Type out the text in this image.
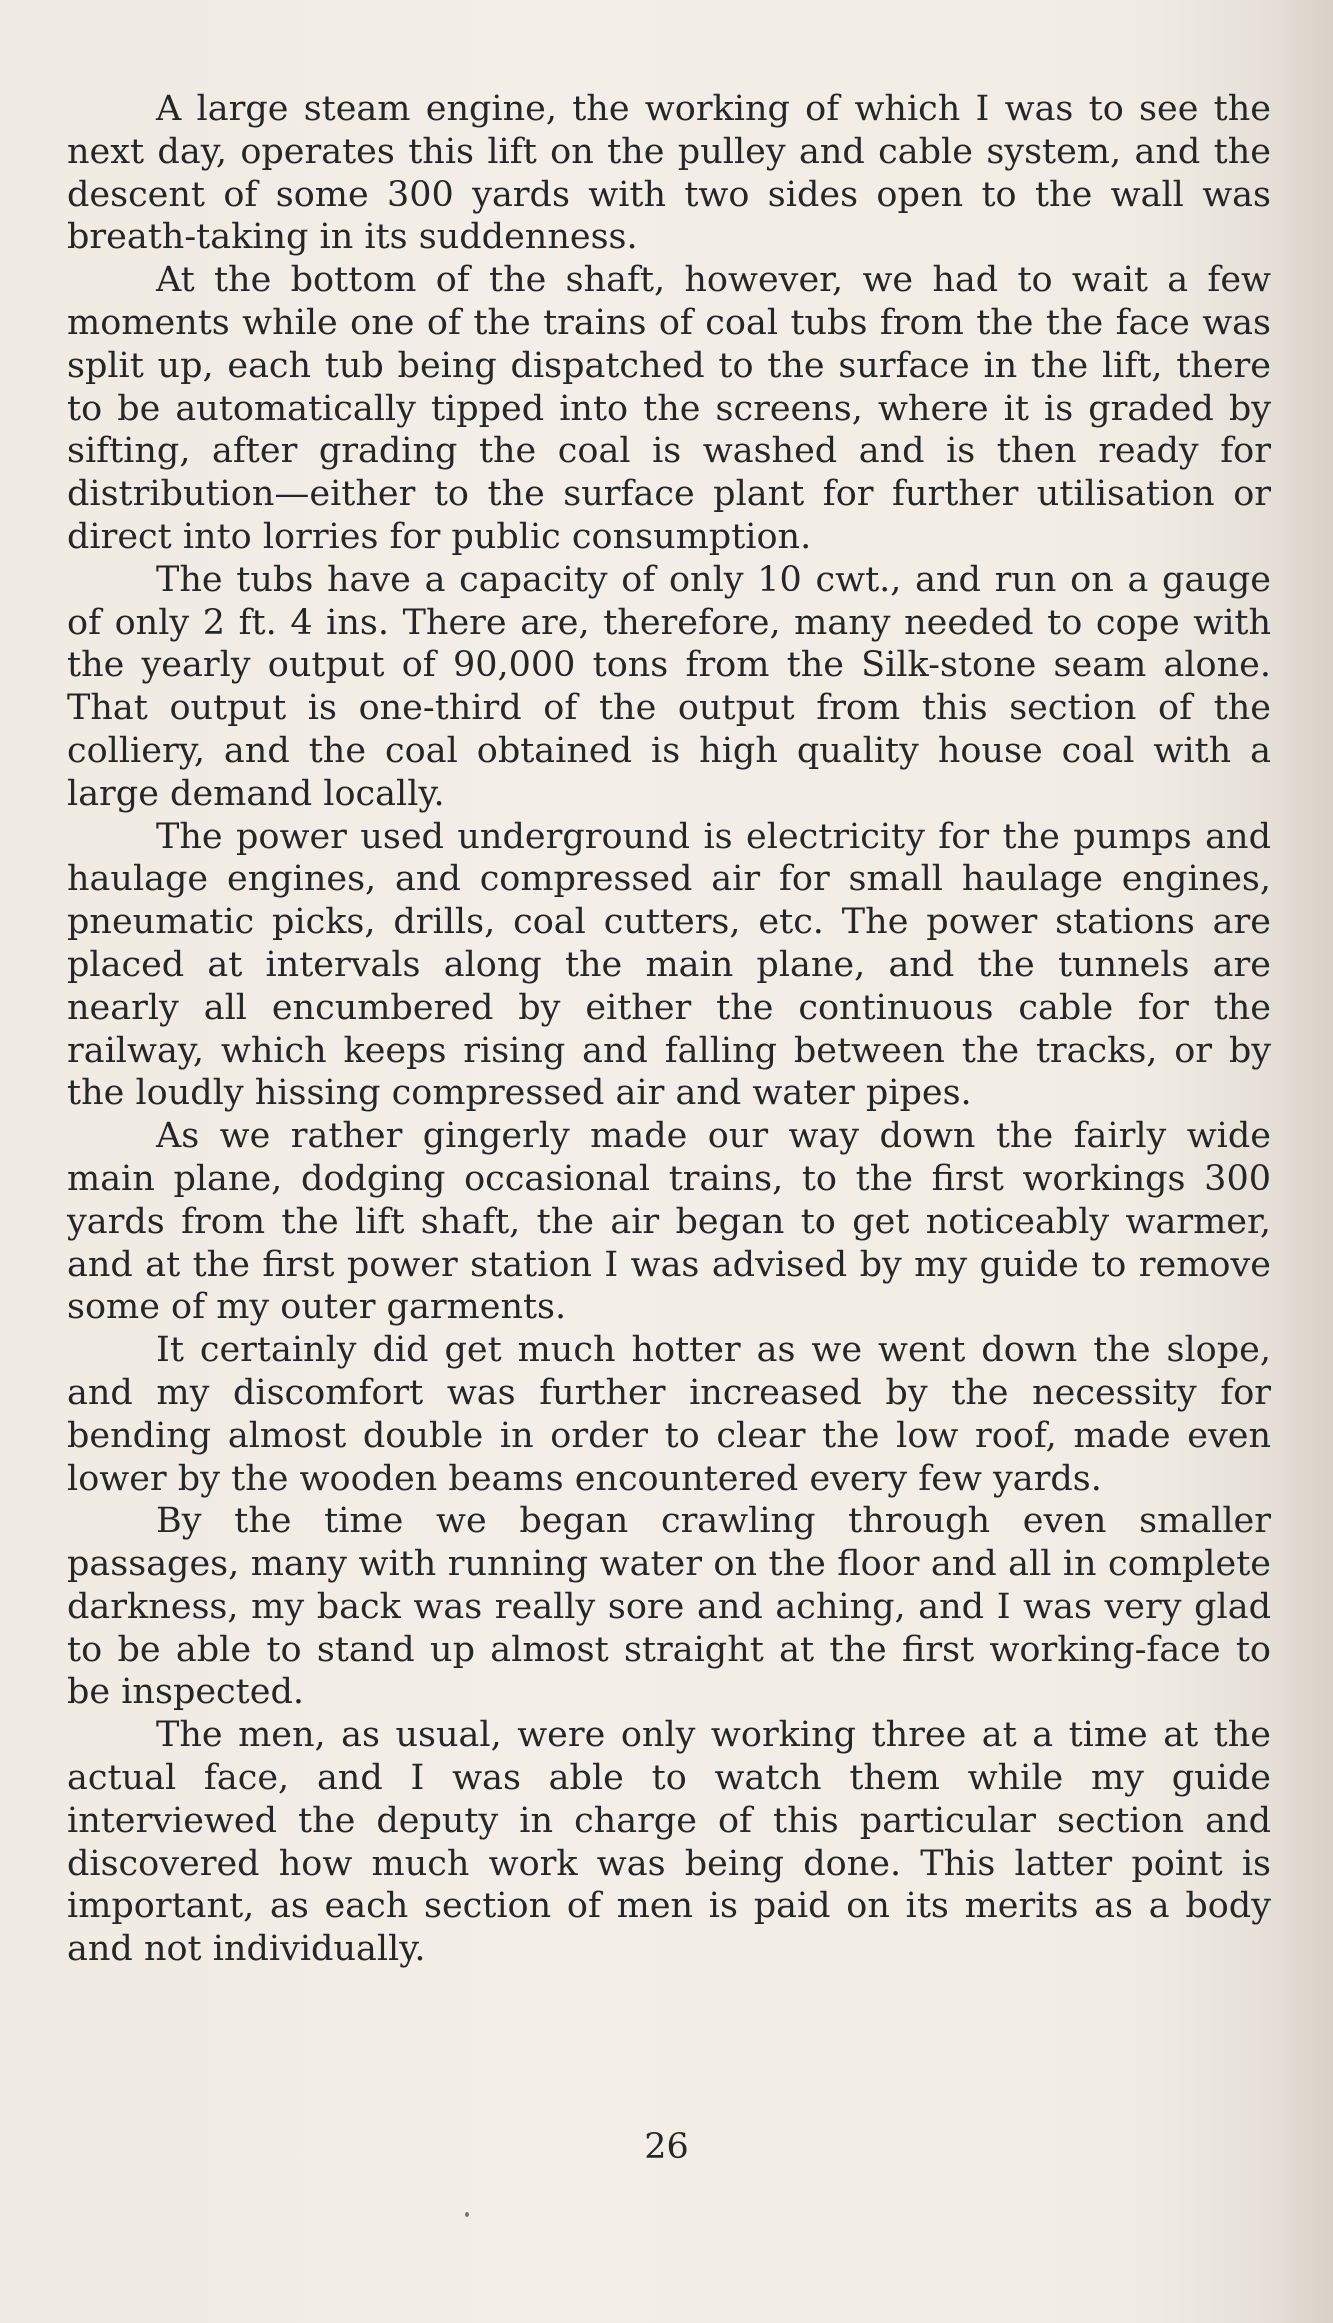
A large steam engine, the working of which I was to see the next day, operates this lift on the pulley and cable system, and the descent of some 300 yards with two sides open to the wall was breath-taking in its suddenness.

At the bottom of the shaft, however, we had to wait a few moments while one of the trains of coal tubs from the the face was split up, each tub being dispatched to the surface in the lift, there to be automatically tipped into the screens, where it is graded by sifting, after grading the coal is washed and is then ready for distribution—either to the surface plant for further utilisation or direct into lorries for public consumption.

The tubs have a capacity of only 10 cwt., and run on a gauge of only 2 ft. 4 ins. There are, therefore, many needed to cope with the yearly output of 90,000 tons from the Silk-stone seam alone. That output is one-third of the output from this section of the colliery, and the coal obtained is high quality house coal with a large demand locally.

The power used underground is electricity for the pumps and haulage engines, and compressed air for small haulage engines, pneumatic picks, drills, coal cutters, etc. The power stations are placed at intervals along the main plane, and the tunnels are nearly all encumbered by either the continuous cable for the railway, which keeps rising and falling between the tracks, or by the loudly hissing compressed air and water pipes.

As we rather gingerly made our way down the fairly wide main plane, dodging occasional trains, to the first workings 300 yards from the lift shaft, the air began to get noticeably warmer, and at the first power station I was advised by my guide to remove some of my outer garments.

It certainly did get much hotter as we went down the slope, and my discomfort was further increased by the necessity for bending almost double in order to clear the low roof, made even lower by the wooden beams encountered every few yards.

By the time we began crawling through even smaller passages, many with running water on the floor and all in complete darkness, my back was really sore and aching, and I was very glad to be able to stand up almost straight at the first working-face to be inspected.

The men, as usual, were only working three at a time at the actual face, and I was able to watch them while my guide interviewed the deputy in charge of this particular section and discovered how much work was being done. This latter point is important, as each section of men is paid on its merits as a body and not individually.

26
